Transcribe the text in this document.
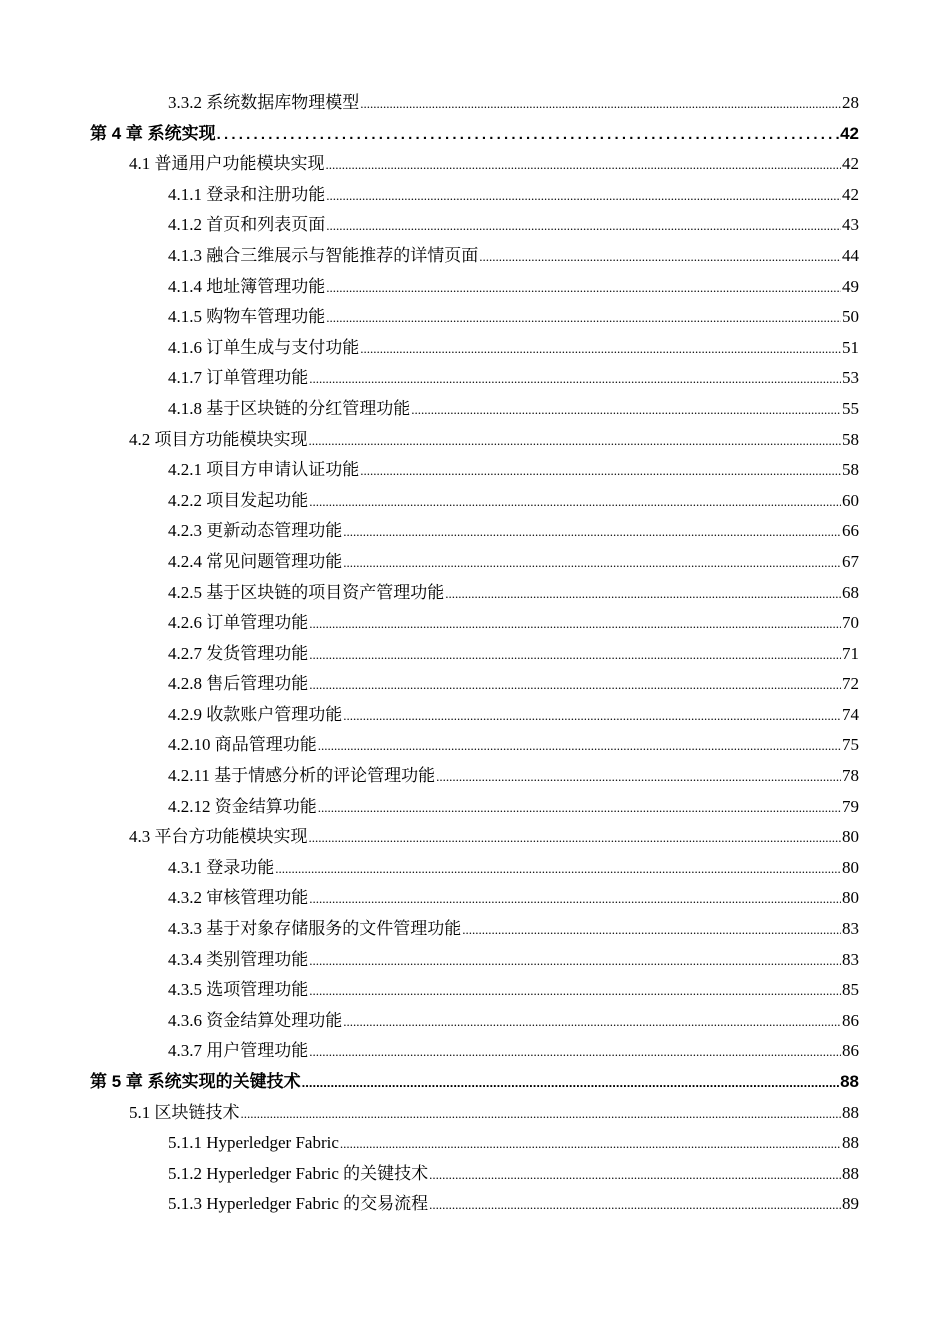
3.3.2 系统数据库物理模型 .....	28
第 4 章 系统实现 .....	42
4.1 普通用户功能模块实现 .....	42
4.1.1 登录和注册功能 .....	42
4.1.2 首页和列表页面 .....	43
4.1.3 融合三维展示与智能推荐的详情页面 .....	44
4.1.4 地址簿管理功能 .....	49
4.1.5 购物车管理功能 .....	50
4.1.6 订单生成与支付功能 .....	51
4.1.7 订单管理功能 .....	53
4.1.8 基于区块链的分红管理功能 .....	55
4.2 项目方功能模块实现 .....	58
4.2.1 项目方申请认证功能 .....	58
4.2.2 项目发起功能 .....	60
4.2.3 更新动态管理功能 .....	66
4.2.4 常见问题管理功能 .....	67
4.2.5 基于区块链的项目资产管理功能 .....	68
4.2.6 订单管理功能 .....	70
4.2.7 发货管理功能 .....	71
4.2.8 售后管理功能 .....	72
4.2.9 收款账户管理功能 .....	74
4.2.10 商品管理功能 .....	75
4.2.11 基于情感分析的评论管理功能 .....	78
4.2.12 资金结算功能 .....	79
4.3 平台方功能模块实现 .....	80
4.3.1 登录功能 .....	80
4.3.2 审核管理功能 .....	80
4.3.3 基于对象存储服务的文件管理功能 .....	83
4.3.4 类别管理功能 .....	83
4.3.5 选项管理功能 .....	85
4.3.6 资金结算处理功能 .....	86
4.3.7 用户管理功能 .....	86
第 5 章 系统实现的关键技术 .....	88
5.1 区块链技术 .....	88
5.1.1 Hyperledger Fabric .....	88
5.1.2 Hyperledger Fabric 的关键技术 .....	88
5.1.3 Hyperledger Fabric 的交易流程 .....	89
